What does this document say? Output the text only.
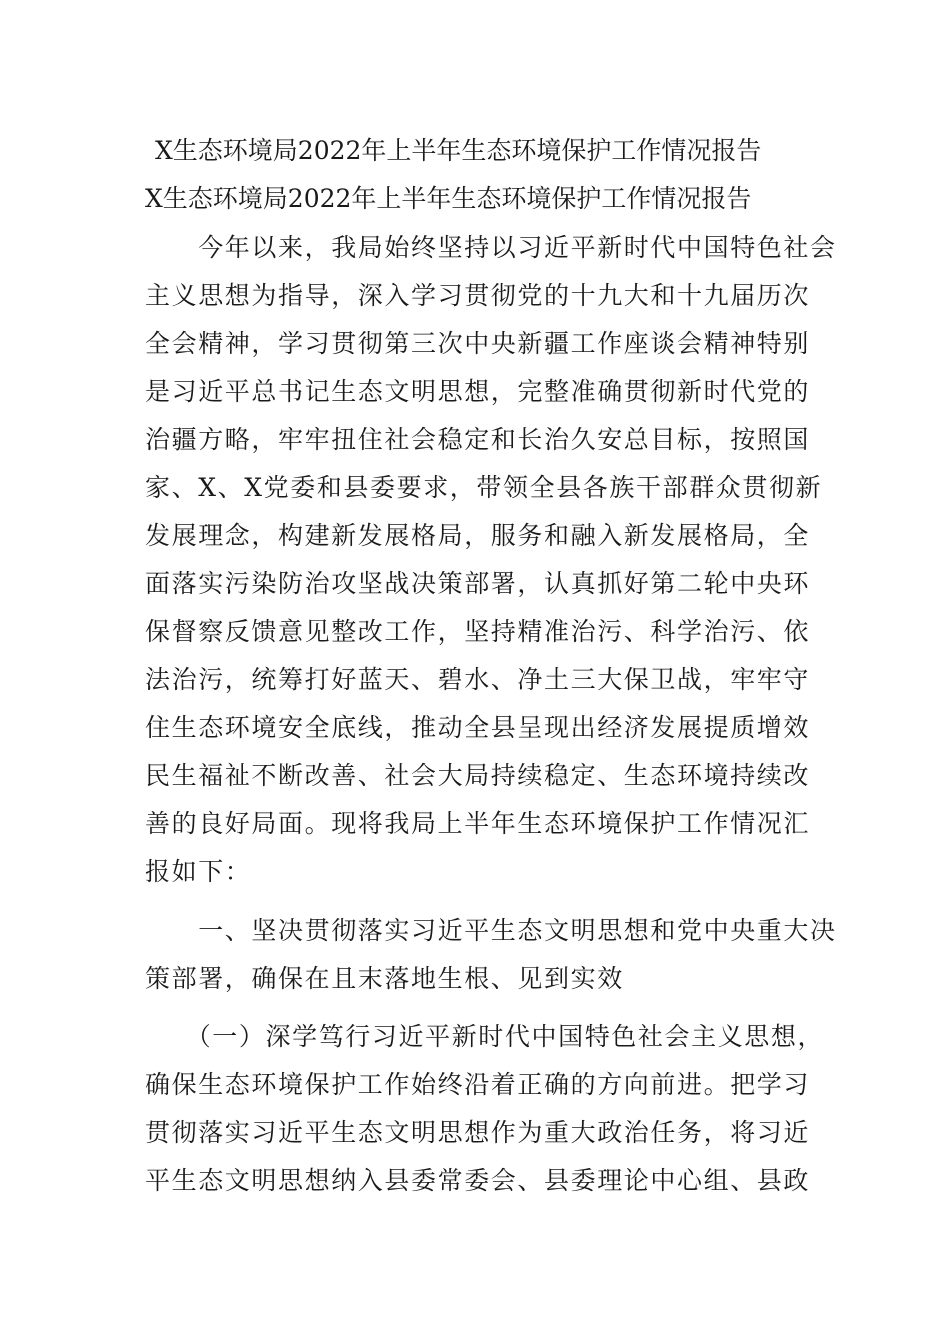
X生态环境局2022年上半年生态环境保护工作情况报告
X生态环境局2022年上半年生态环境保护工作情况报告
　　今年以来，我局始终坚持以习近平新时代中国特色社会
主义思想为指导，深入学习贯彻党的十九大和十九届历次
全会精神，学习贯彻第三次中央新疆工作座谈会精神特别
是习近平总书记生态文明思想，完整准确贯彻新时代党的
治疆方略，牢牢扭住社会稳定和长治久安总目标，按照国
家、X、X党委和县委要求，带领全县各族干部群众贯彻新
发展理念，构建新发展格局，服务和融入新发展格局，全
面落实污染防治攻坚战决策部署，认真抓好第二轮中央环
保督察反馈意见整改工作，坚持精准治污、科学治污、依
法治污，统筹打好蓝天、碧水、净土三大保卫战，牢牢守
住生态环境安全底线，推动全县呈现出经济发展提质增效
民生福祉不断改善、社会大局持续稳定、生态环境持续改
善的良好局面。现将我局上半年生态环境保护工作情况汇
报如下：
　　一、坚决贯彻落实习近平生态文明思想和党中央重大决
策部署，确保在且末落地生根、见到实效
　　（一）深学笃行习近平新时代中国特色社会主义思想，
确保生态环境保护工作始终沿着正确的方向前进。把学习
贯彻落实习近平生态文明思想作为重大政治任务，将习近
平生态文明思想纳入县委常委会、县委理论中心组、县政
